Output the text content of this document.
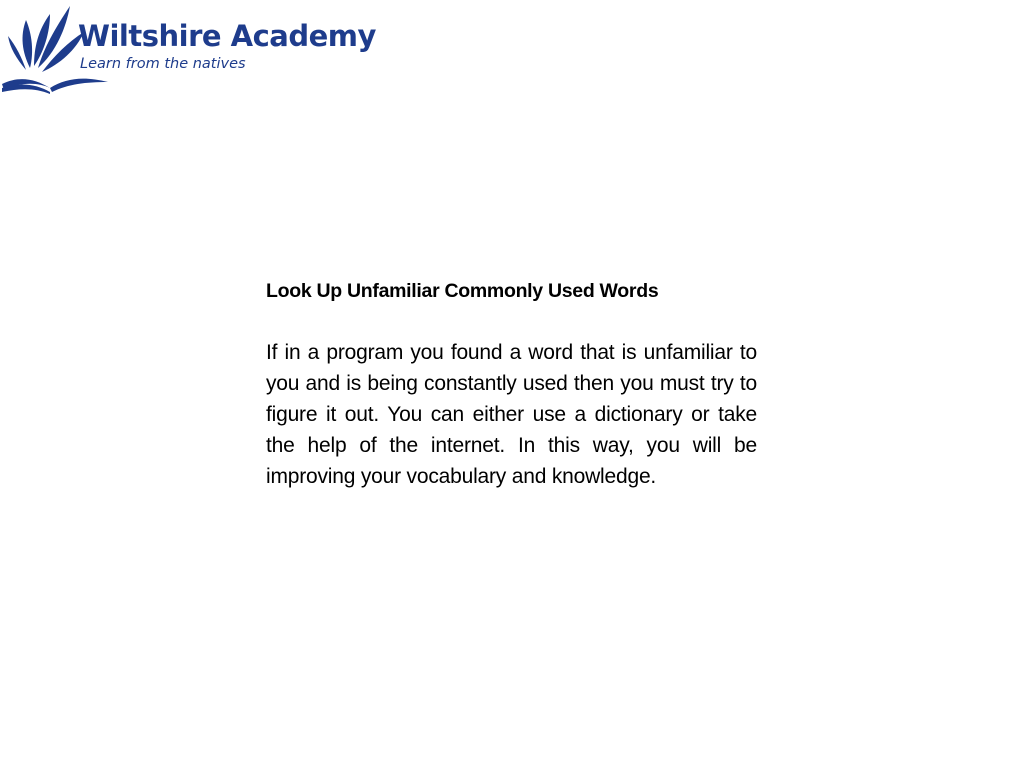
Wiltshire Academy
Learn from the natives
Look Up Unfamiliar Commonly Used Words

If in a program you found a word that is unfamiliar to you and is being constantly used then you must try to figure it out. You can either use a dictionary or take the help of the internet. In this way, you will be improving your vocabulary and knowledge.
